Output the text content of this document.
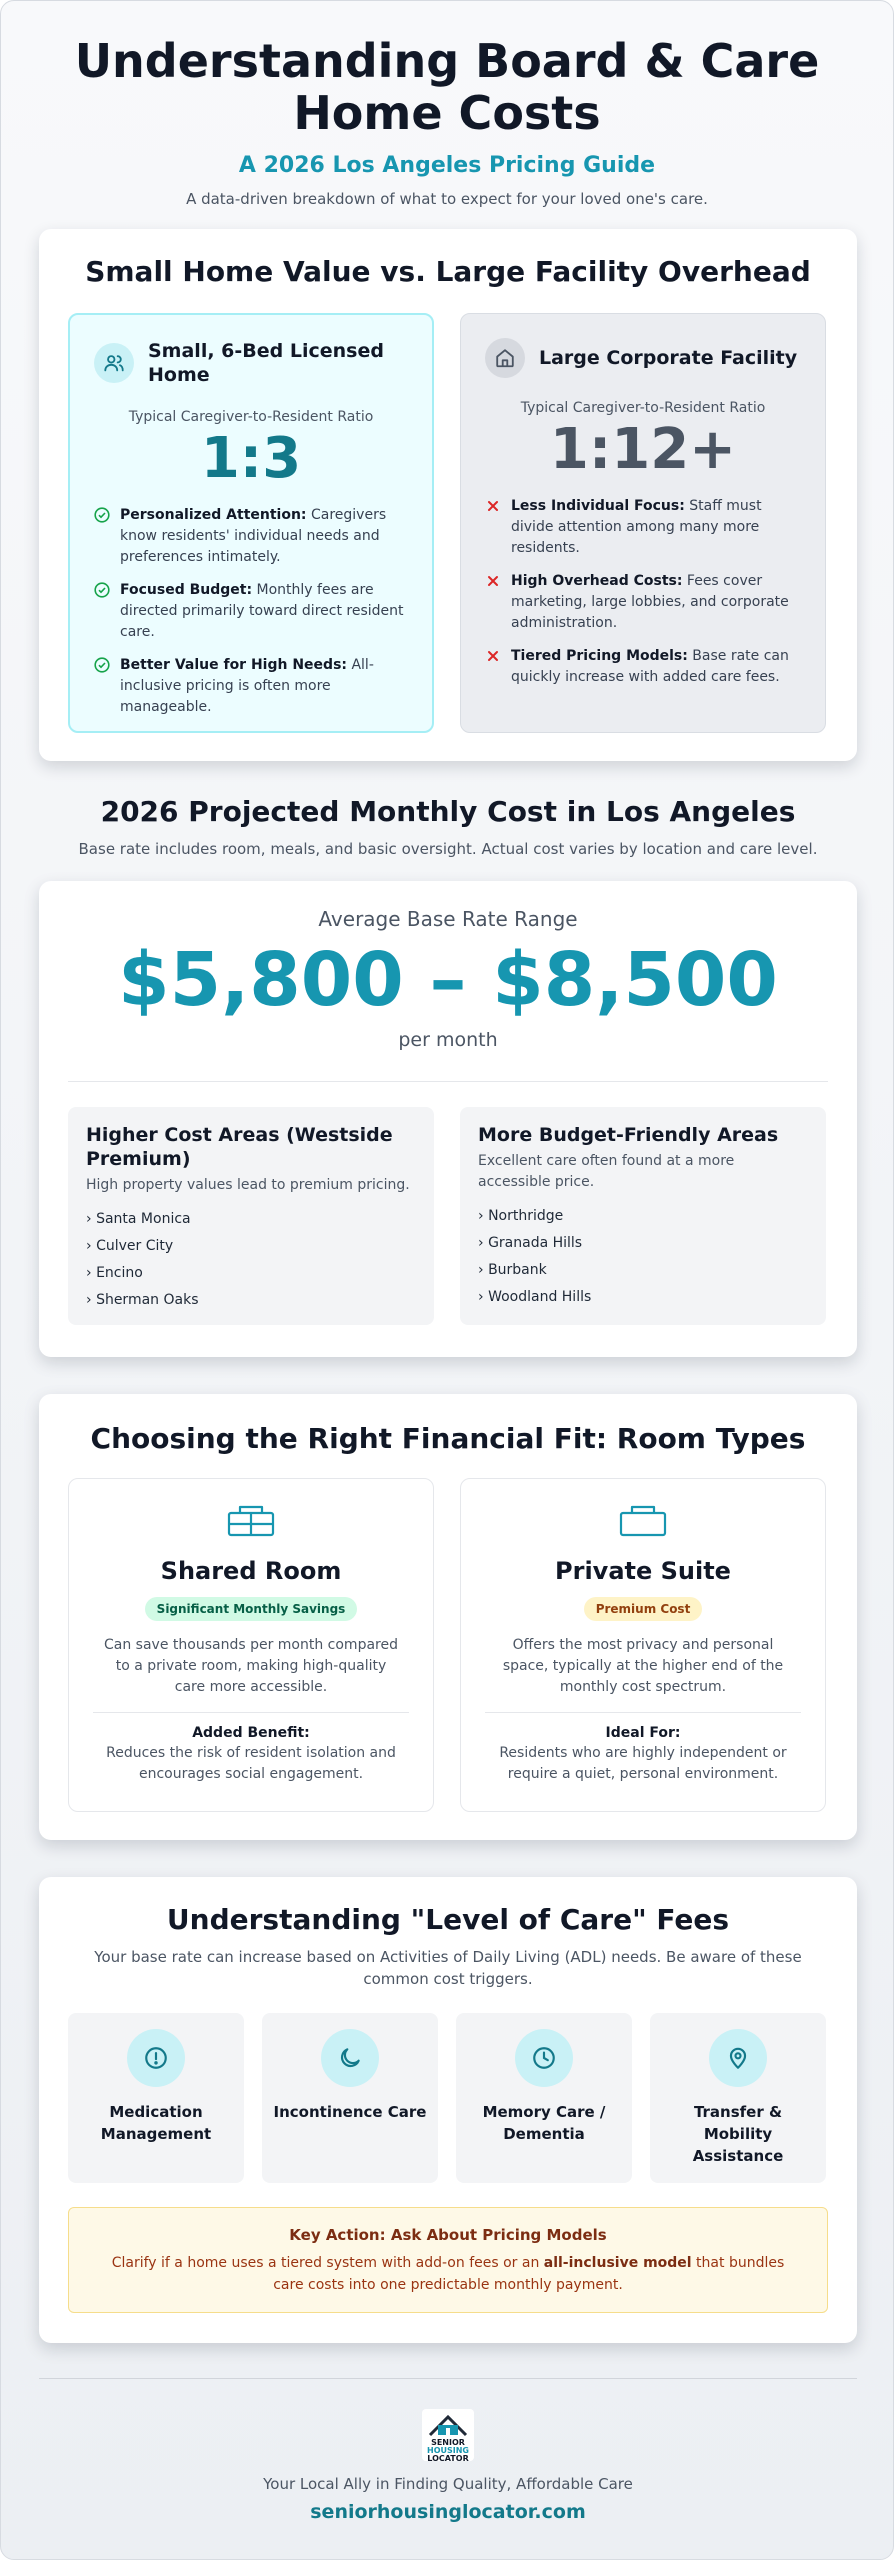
Understanding Board & Care Home Costs
A 2026 Los Angeles Pricing Guide
A data-driven breakdown of what to expect for your loved one's care.
Small Home Value vs. Large Facility Overhead
Small, 6-Bed Licensed Home
Typical Caregiver-to-Resident Ratio
1:3
Personalized Attention: Caregivers know residents' individual needs and preferences intimately.
Focused Budget: Monthly fees are directed primarily toward direct resident care.
Better Value for High Needs: All-inclusive pricing is often more manageable.
Large Corporate Facility
Typical Caregiver-to-Resident Ratio
1:12+
Less Individual Focus: Staff must divide attention among many more residents.
High Overhead Costs: Fees cover marketing, large lobbies, and corporate administration.
Tiered Pricing Models: Base rate can quickly increase with added care fees.
2026 Projected Monthly Cost in Los Angeles

Base rate includes room, meals, and basic oversight. Actual cost varies by location and care level.

Average Base Rate Range
$5,800 – $8,500
per month
Higher Cost Areas (Westside Premium)
High property values lead to premium pricing.
› Santa Monica
› Culver City
› Encino
› Sherman Oaks
More Budget-Friendly Areas
Excellent care often found at a more accessible price.
› Northridge
› Granada Hills
› Burbank
› Woodland Hills
Choosing the Right Financial Fit: Room Types
Shared Room
Significant Monthly Savings
Can save thousands per month compared to a private room, making high-quality care more accessible.
Added Benefit:
Reduces the risk of resident isolation and encourages social engagement.
Private Suite
Premium Cost
Offers the most privacy and personal space, typically at the higher end of the monthly cost spectrum.
Ideal For:
Residents who are highly independent or require a quiet, personal environment.
Understanding "Level of Care" Fees
Your base rate can increase based on Activities of Daily Living (ADL) needs. Be aware of these common cost triggers.
Medication Management
Incontinence Care	Memory Care / Dementia
Transfer & Mobility Assistance
Key Action: Ask About Pricing Models

Clarify if a home uses a tiered system with add-on fees or an all-inclusive model that bundles care costs into one predictable monthly payment.

SENIOR
HOUSING
LOCATOR
Your Local Ally in Finding Quality, Affordable Care
seniorhousinglocator.com
